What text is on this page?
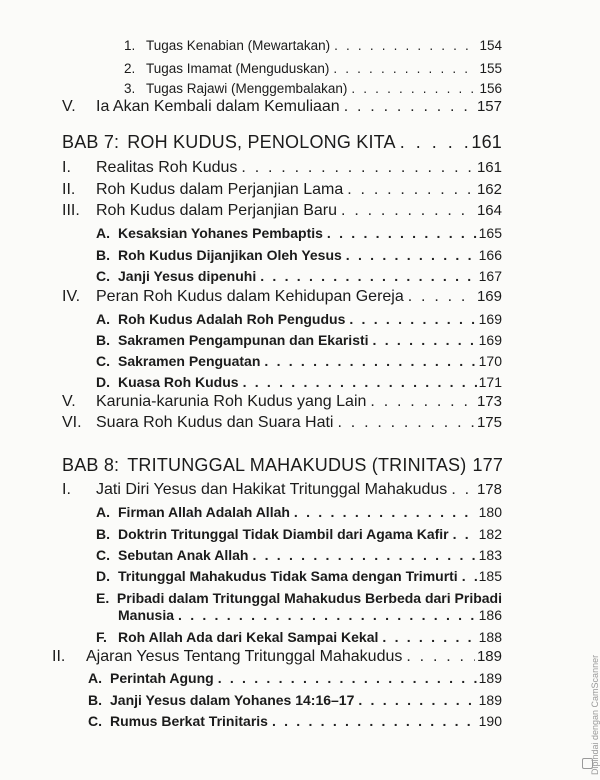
1. Tugas Kenabian (Mewartakan) . . .	154
2. Tugas Imamat (Menguduskan) . . .	155
3. Tugas Rajawi (Menggembalakan) . . .	156
V.	Ia Akan Kembali dalam Kemuliaan . . .	157
BAB 7: ROH KUDUS, PENOLONG KITA . . .	161
I.	Realitas Roh Kudus . . .	161
II.	Roh Kudus dalam Perjanjian Lama . . .	162
III.	Roh Kudus dalam Perjanjian Baru . . .	164
A. Kesaksian Yohanes Pembaptis . . .	165
B. Roh Kudus Dijanjikan Oleh Yesus . . .	166
C. Janji Yesus dipenuhi . . .	167
IV. Peran Roh Kudus dalam Kehidupan Gereja . . .	169
A. Roh Kudus Adalah Roh Pengudus . . .	169
B. Sakramen Pengampunan dan Ekaristi . . .	169
C. Sakramen Penguatan . . .	170
D. Kuasa Roh Kudus . . .	171
V.	Karunia-karunia Roh Kudus yang Lain . . .	173
VI. Suara Roh Kudus dan Suara Hati . . .	175
BAB 8: TRITUNGGAL MAHAKUDUS (TRINITAS) 177
I.	Jati Diri Yesus dan Hakikat Tritunggal Mahakudus . . . 178
A. Firman Allah Adalah Allah . . .	180
B. Doktrin Tritunggal Tidak Diambil dari Agama Kafir . . . 182
C. Sebutan Anak Allah . . .	183
D. Tritunggal Mahakudus Tidak Sama dengan Trimurti . . . 185
E. Pribadi dalam Tritunggal Mahakudus Berbeda dari Pribadi
Manusia . . .	186
F. Roh Allah Ada dari Kekal Sampai Kekal . . .	188
II.	Ajaran Yesus Tentang Tritunggal Mahakudus . . .	189
A. Perintah Agung . . .	189
B. Janji Yesus dalam Yohanes 14:16–17 . . .	189
C. Rumus Berkat Trinitaris . . .	190	Dipindai dengan CamScanner
